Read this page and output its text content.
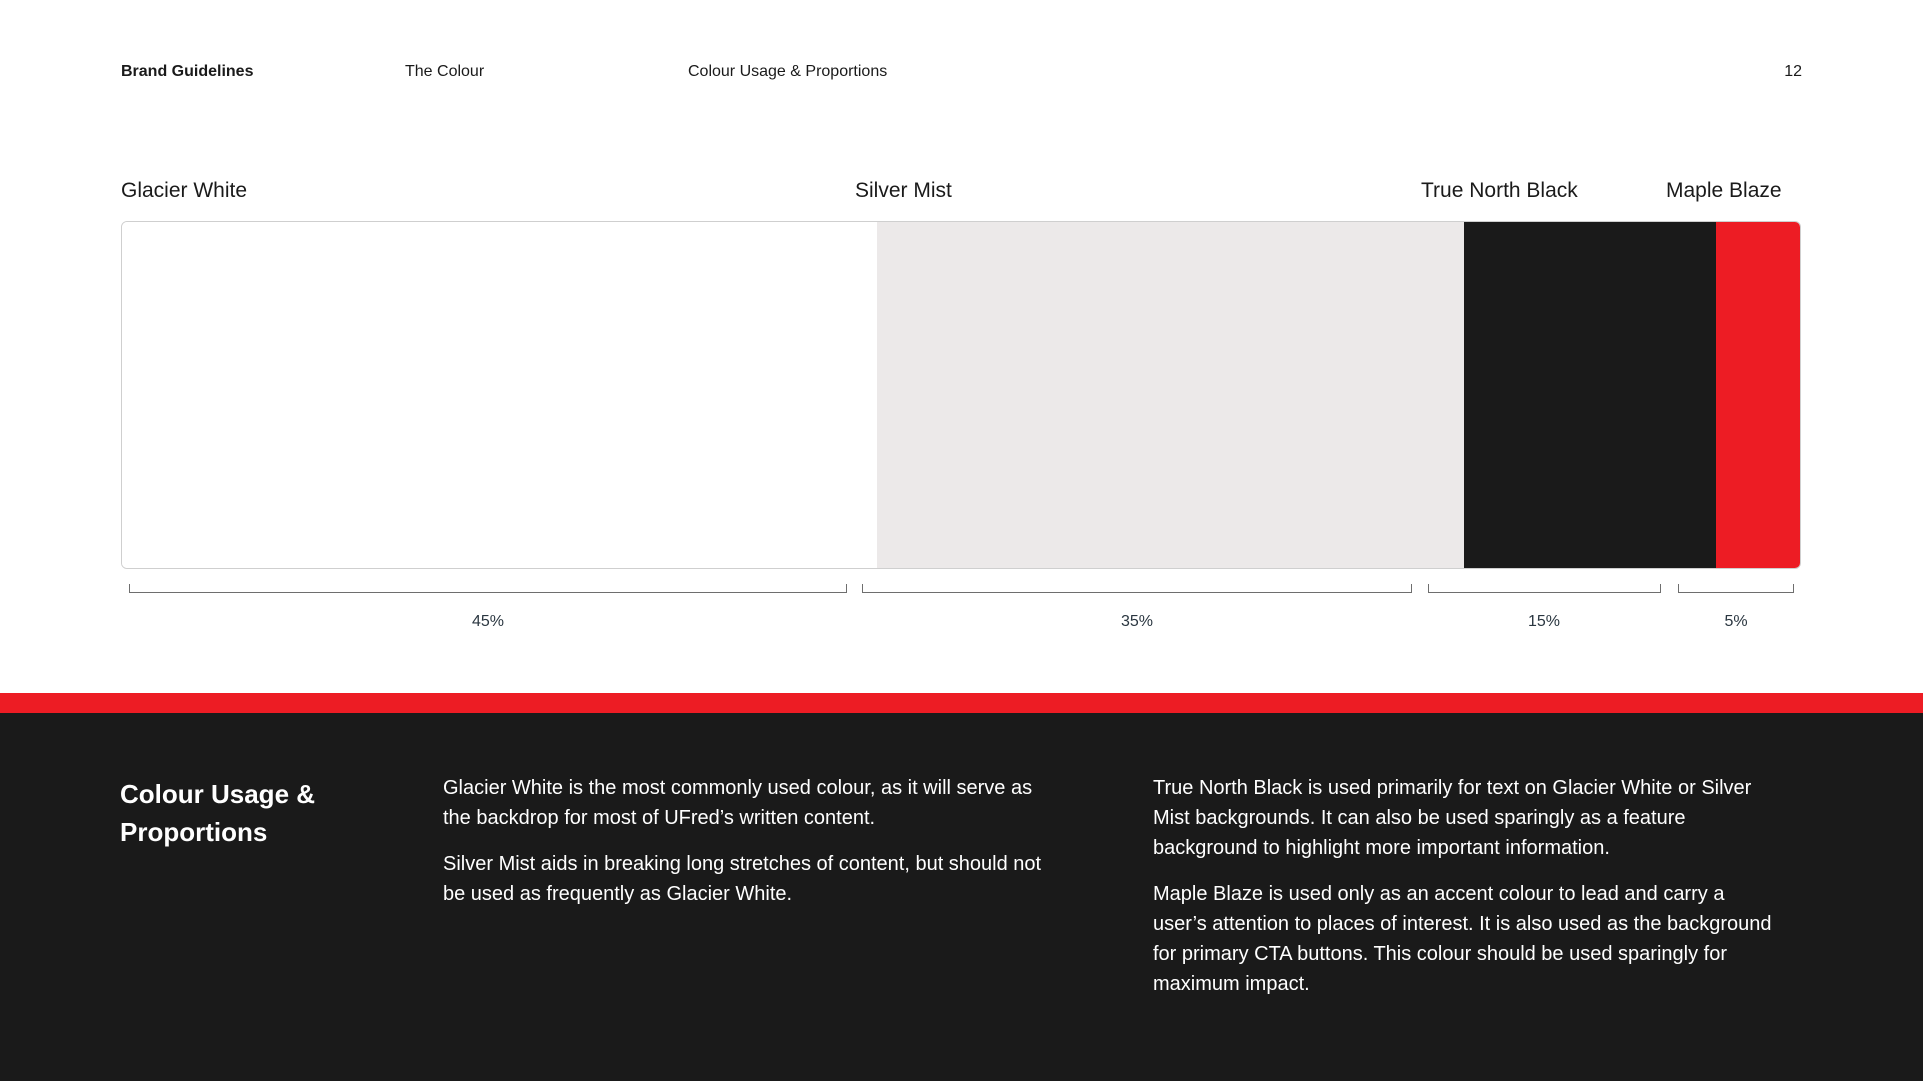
Brand Guidelines	The Colour	Colour Usage & Proportions	12
Glacier White	Silver Mist	True North Black	Maple Blaze
45%	35%	15%	5%
Colour Usage & Proportions

Glacier White is the most commonly used colour, as it will serve as the backdrop for most of UFred’s written content.

Silver Mist aids in breaking long stretches of content, but should not be used as frequently as Glacier White.

True North Black is used primarily for text on Glacier White or Silver Mist backgrounds. It can also be used sparingly as a feature background to highlight more important information.

Maple Blaze is used only as an accent colour to lead and carry a user’s attention to places of interest. It is also used as the background for primary CTA buttons. This colour should be used sparingly for maximum impact.
